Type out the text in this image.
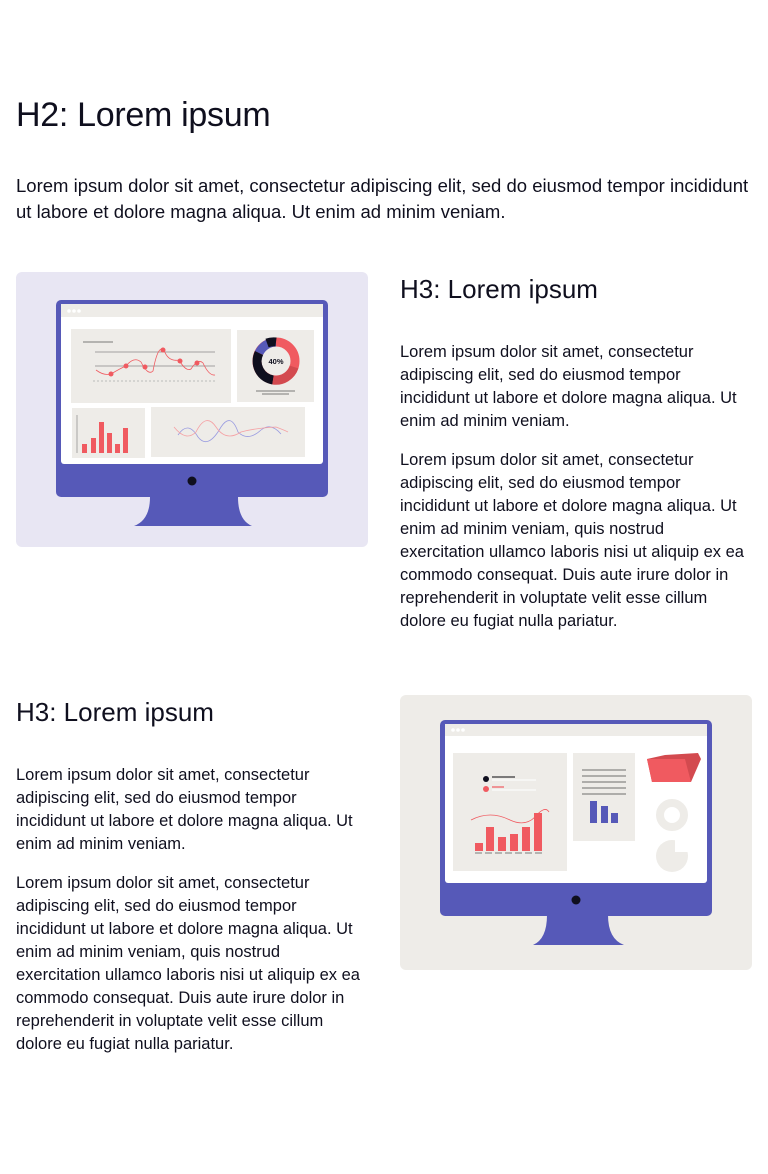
H2: Lorem ipsum

Lorem ipsum dolor sit amet, consectetur adipiscing elit, sed do eiusmod tempor incididunt ut labore et dolore magna aliqua. Ut enim ad minim veniam.

40%
H3: Lorem ipsum

Lorem ipsum dolor sit amet, consectetur adipiscing elit, sed do eiusmod tempor incididunt ut labore et dolore magna aliqua. Ut enim ad minim veniam.

Lorem ipsum dolor sit amet, consectetur adipiscing elit, sed do eiusmod tempor incididunt ut labore et dolore magna aliqua. Ut enim ad minim veniam, quis nostrud exercitation ullamco laboris nisi ut aliquip ex ea commodo consequat. Duis aute irure dolor in reprehenderit in voluptate velit esse cillum dolore eu fugiat nulla pariatur.

H3: Lorem ipsum

Lorem ipsum dolor sit amet, consectetur adipiscing elit, sed do eiusmod tempor incididunt ut labore et dolore magna aliqua. Ut enim ad minim veniam.

Lorem ipsum dolor sit amet, consectetur adipiscing elit, sed do eiusmod tempor incididunt ut labore et dolore magna aliqua. Ut enim ad minim veniam, quis nostrud exercitation ullamco laboris nisi ut aliquip ex ea commodo consequat. Duis aute irure dolor in reprehenderit in voluptate velit esse cillum dolore eu fugiat nulla pariatur.
